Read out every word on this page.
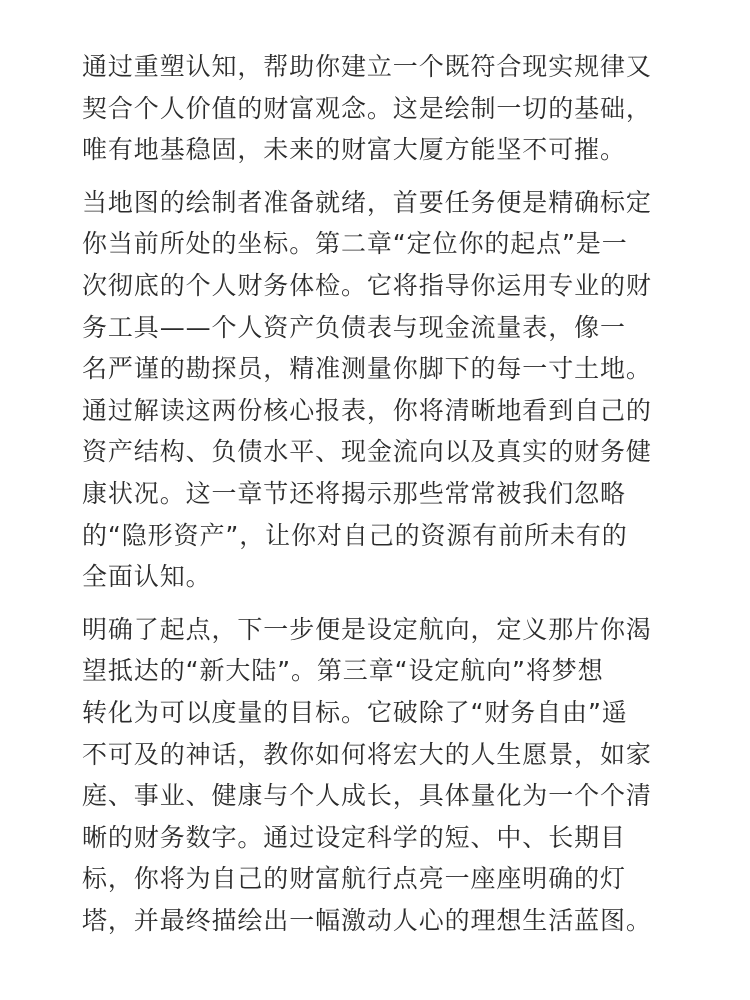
通过重塑认知，帮助你建立一个既符合现实规律又
契合个人价值的财富观念。这是绘制一切的基础，
唯有地基稳固，未来的财富大厦方能坚不可摧。
当地图的绘制者准备就绪，首要任务便是精确标定
你当前所处的坐标。第二章“定位你的起点”是一
次彻底的个人财务体检。它将指导你运用专业的财
务工具——个人资产负债表与现金流量表，像一
名严谨的勘探员，精准测量你脚下的每一寸土地。
通过解读这两份核心报表，你将清晰地看到自己的
资产结构、负债水平、现金流向以及真实的财务健
康状况。这一章节还将揭示那些常常被我们忽略
的“隐形资产”，让你对自己的资源有前所未有的
全面认知。
明确了起点，下一步便是设定航向，定义那片你渴
望抵达的“新大陆”。第三章“设定航向”将梦想
转化为可以度量的目标。它破除了“财务自由”遥
不可及的神话，教你如何将宏大的人生愿景，如家
庭、事业、健康与个人成长，具体量化为一个个清
晰的财务数字。通过设定科学的短、中、长期目
标，你将为自己的财富航行点亮一座座明确的灯
塔，并最终描绘出一幅激动人心的理想生活蓝图。
